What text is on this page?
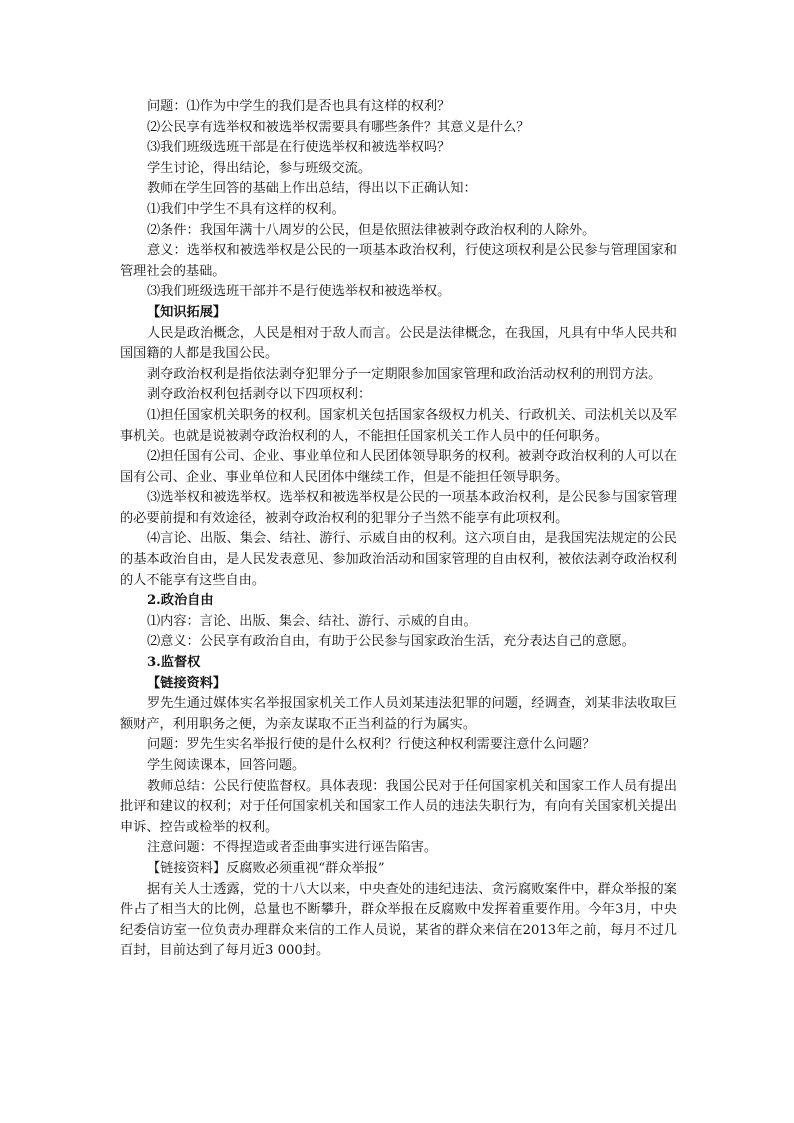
问题：⑴作为中学生的我们是否也具有这样的权利？

⑵公民享有选举权和被选举权需要具有哪些条件？其意义是什么？

⑶我们班级选班干部是在行使选举权和被选举权吗？

学生讨论，得出结论，参与班级交流。

教师在学生回答的基础上作出总结，得出以下正确认知：

⑴我们中学生不具有这样的权利。

⑵条件：我国年满十八周岁的公民，但是依照法律被剥夺政治权利的人除外。

意义：选举权和被选举权是公民的一项基本政治权利，行使这项权利是公民参与管理国家和管理社会的基础。

⑶我们班级选班干部并不是行使选举权和被选举权。

【知识拓展】

人民是政治概念，人民是相对于敌人而言。公民是法律概念，在我国，凡具有中华人民共和国国籍的人都是我国公民。

剥夺政治权利是指依法剥夺犯罪分子一定期限参加国家管理和政治活动权利的刑罚方法。

剥夺政治权利包括剥夺以下四项权利：

⑴担任国家机关职务的权利。国家机关包括国家各级权力机关、行政机关、司法机关以及军事机关。也就是说被剥夺政治权利的人，不能担任国家机关工作人员中的任何职务。

⑵担任国有公司、企业、事业单位和人民团体领导职务的权利。被剥夺政治权利的人可以在国有公司、企业、事业单位和人民团体中继续工作，但是不能担任领导职务。

⑶选举权和被选举权。选举权和被选举权是公民的一项基本政治权利，是公民参与国家管理的必要前提和有效途径，被剥夺政治权利的犯罪分子当然不能享有此项权利。

⑷言论、出版、集会、结社、游行、示威自由的权利。这六项自由，是我国宪法规定的公民的基本政治自由，是人民发表意见、参加政治活动和国家管理的自由权利，被依法剥夺政治权利的人不能享有这些自由。

2.政治自由

⑴内容：言论、出版、集会、结社、游行、示威的自由。

⑵意义：公民享有政治自由，有助于公民参与国家政治生活，充分表达自己的意愿。

3.监督权

【链接资料】

罗先生通过媒体实名举报国家机关工作人员刘某违法犯罪的问题，经调查，刘某非法收取巨额财产，利用职务之便，为亲友谋取不正当利益的行为属实。

问题：罗先生实名举报行使的是什么权利？行使这种权利需要注意什么问题？

学生阅读课本，回答问题。

教师总结：公民行使监督权。具体表现：我国公民对于任何国家机关和国家工作人员有提出批评和建议的权利；对于任何国家机关和国家工作人员的违法失职行为，有向有关国家机关提出申诉、控告或检举的权利。

注意问题：不得捏造或者歪曲事实进行诬告陷害。

【链接资料】反腐败必须重视“群众举报”

据有关人士透露，党的十八大以来，中央查处的违纪违法、贪污腐败案件中，群众举报的案件占了相当大的比例，总量也不断攀升，群众举报在反腐败中发挥着重要作用。今年3月，中央纪委信访室一位负责办理群众来信的工作人员说，某省的群众来信在2013年之前，每月不过几百封，目前达到了每月近3 000封。
